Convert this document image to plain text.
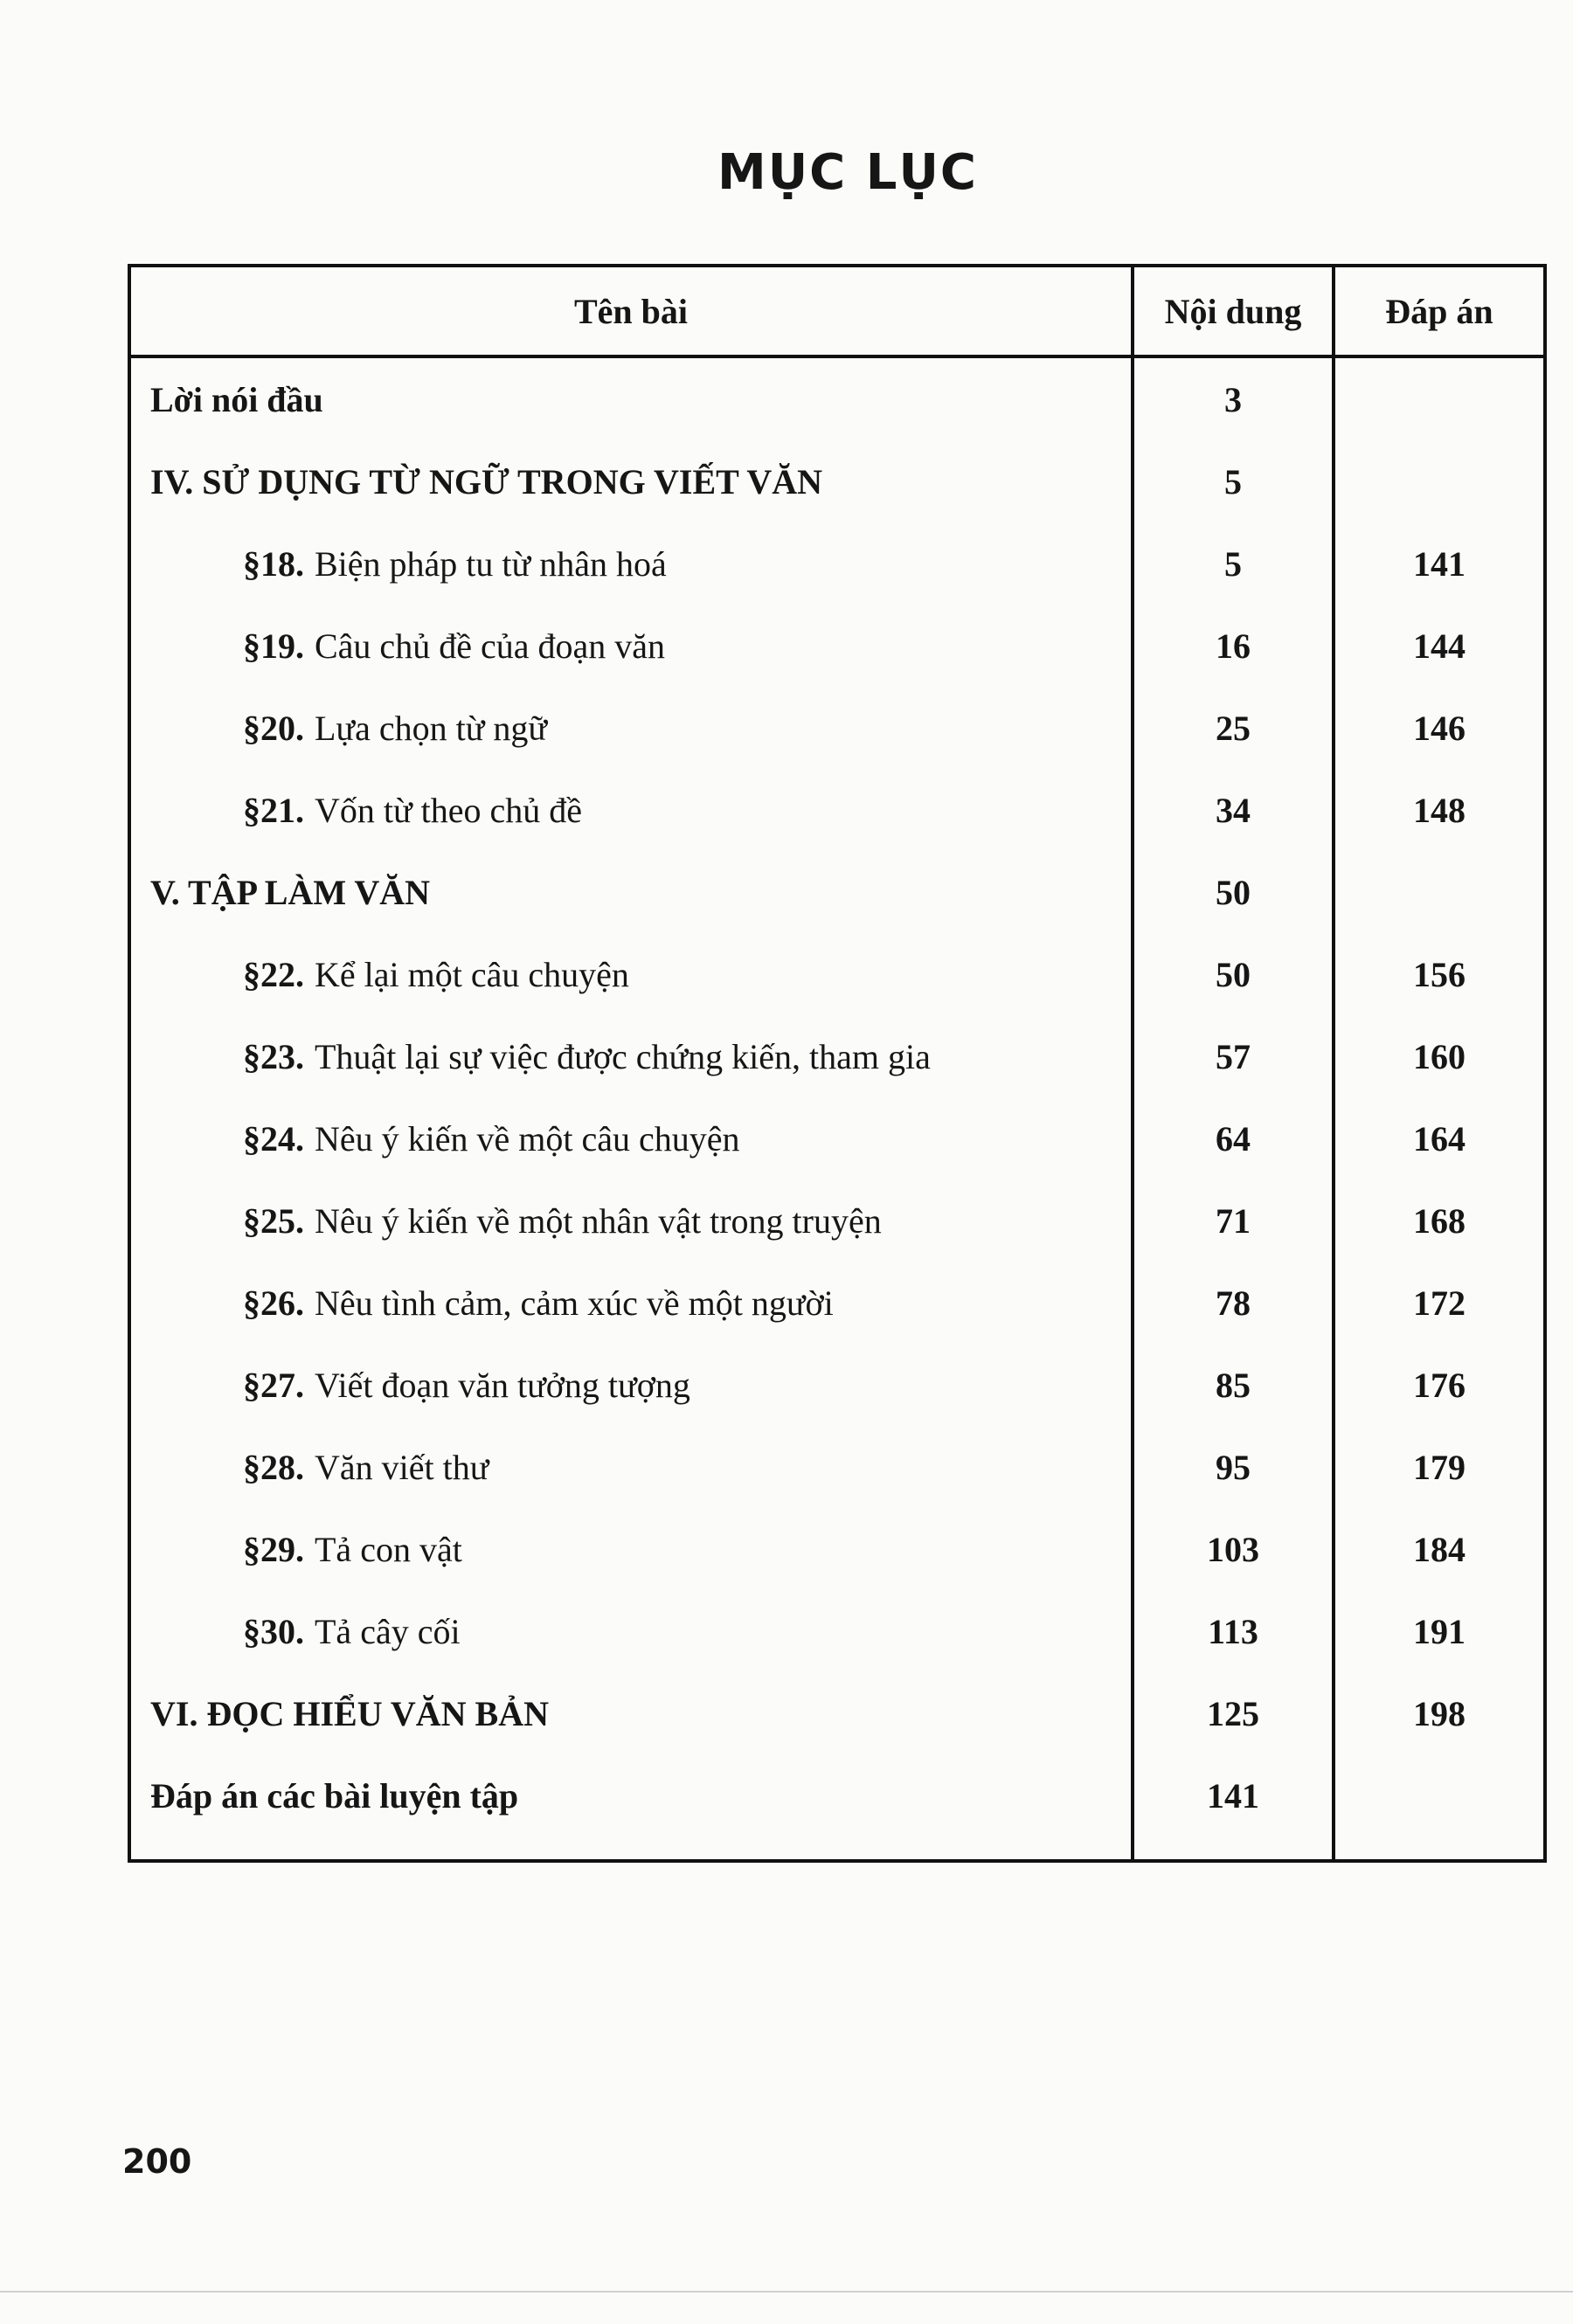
MỤC LỤC
Tên bài	Nội dung	Đáp án
Lời nói đầu	3
IV. SỬ DỤNG TỪ NGỮ TRONG VIẾT VĂN	5
§18. Biện pháp tu từ nhân hoá	5	141
§19. Câu chủ đề của đoạn văn	16	144
§20. Lựa chọn từ ngữ	25	146
§21. Vốn từ theo chủ đề	34	148
V. TẬP LÀM VĂN	50
§22. Kể lại một câu chuyện	50	156
§23. Thuật lại sự việc được chứng kiến, tham gia	57	160
§24. Nêu ý kiến về một câu chuyện	64	164
§25. Nêu ý kiến về một nhân vật trong truyện	71	168
§26. Nêu tình cảm, cảm xúc về một người	78	172
§27. Viết đoạn văn tưởng tượng	85	176
§28. Văn viết thư	95	179
§29. Tả con vật	103	184
§30. Tả cây cối	113	191
VI. ĐỌC HIỂU VĂN BẢN	125	198
Đáp án các bài luyện tập	141
200
